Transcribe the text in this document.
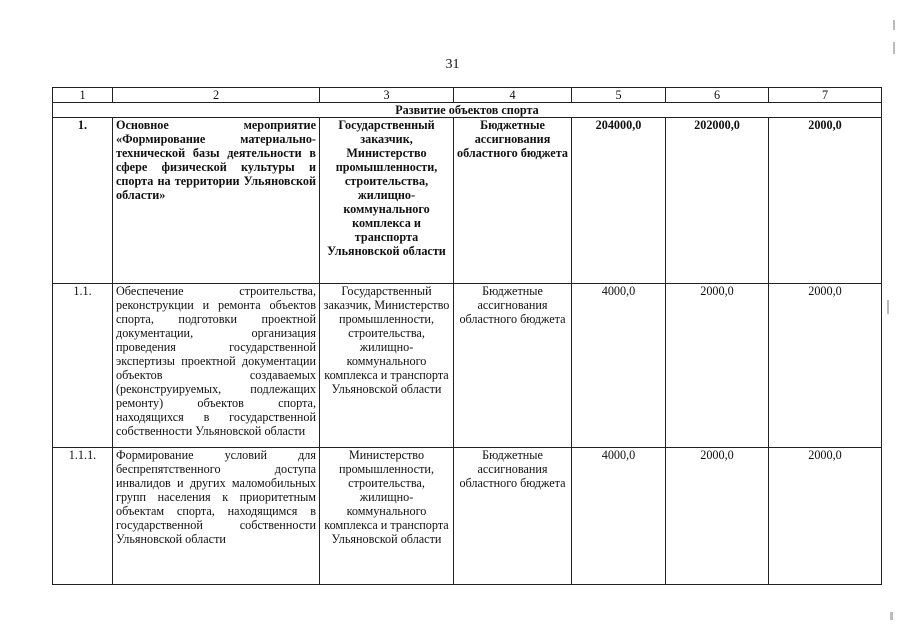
31
1	2	3	4	5	6	7
Развитие объектов спорта						
1.	Основное мероприятие «Формирование материально-технической базы деятельности в сфере физической культуры и спорта на территории Ульяновской области»	Государственный заказчик, Министерство промышленности, строительства, жилищно-коммунального комплекса и транспорта Ульяновской области	Бюджетные ассигнования областного бюджета	204000,0	202000,0	2000,0
1.1.	Обеспечение строительства, реконструкции и ремонта объектов спорта, подготовки проектной документации, организация проведения государственной экспертизы проектной документации объектов создаваемых (реконструируемых, подлежащих ремонту) объектов спорта, находящихся в государственной собственности Ульяновской области	Государственный заказчик, Министерство промышленности, строительства, жилищно-коммунального комплекса и транспорта Ульяновской области	Бюджетные ассигнования областного бюджета	4000,0	2000,0	2000,0
1.1.1.	Формирование условий для беспрепятственного доступа инвалидов и других маломобильных групп населения к приоритетным объектам спорта, находящимся в государственной собственности Ульяновской области	Министерство промышленности, строительства, жилищно-коммунального комплекса и транспорта Ульяновской области	Бюджетные ассигнования областного бюджета	4000,0	2000,0	2000,0
